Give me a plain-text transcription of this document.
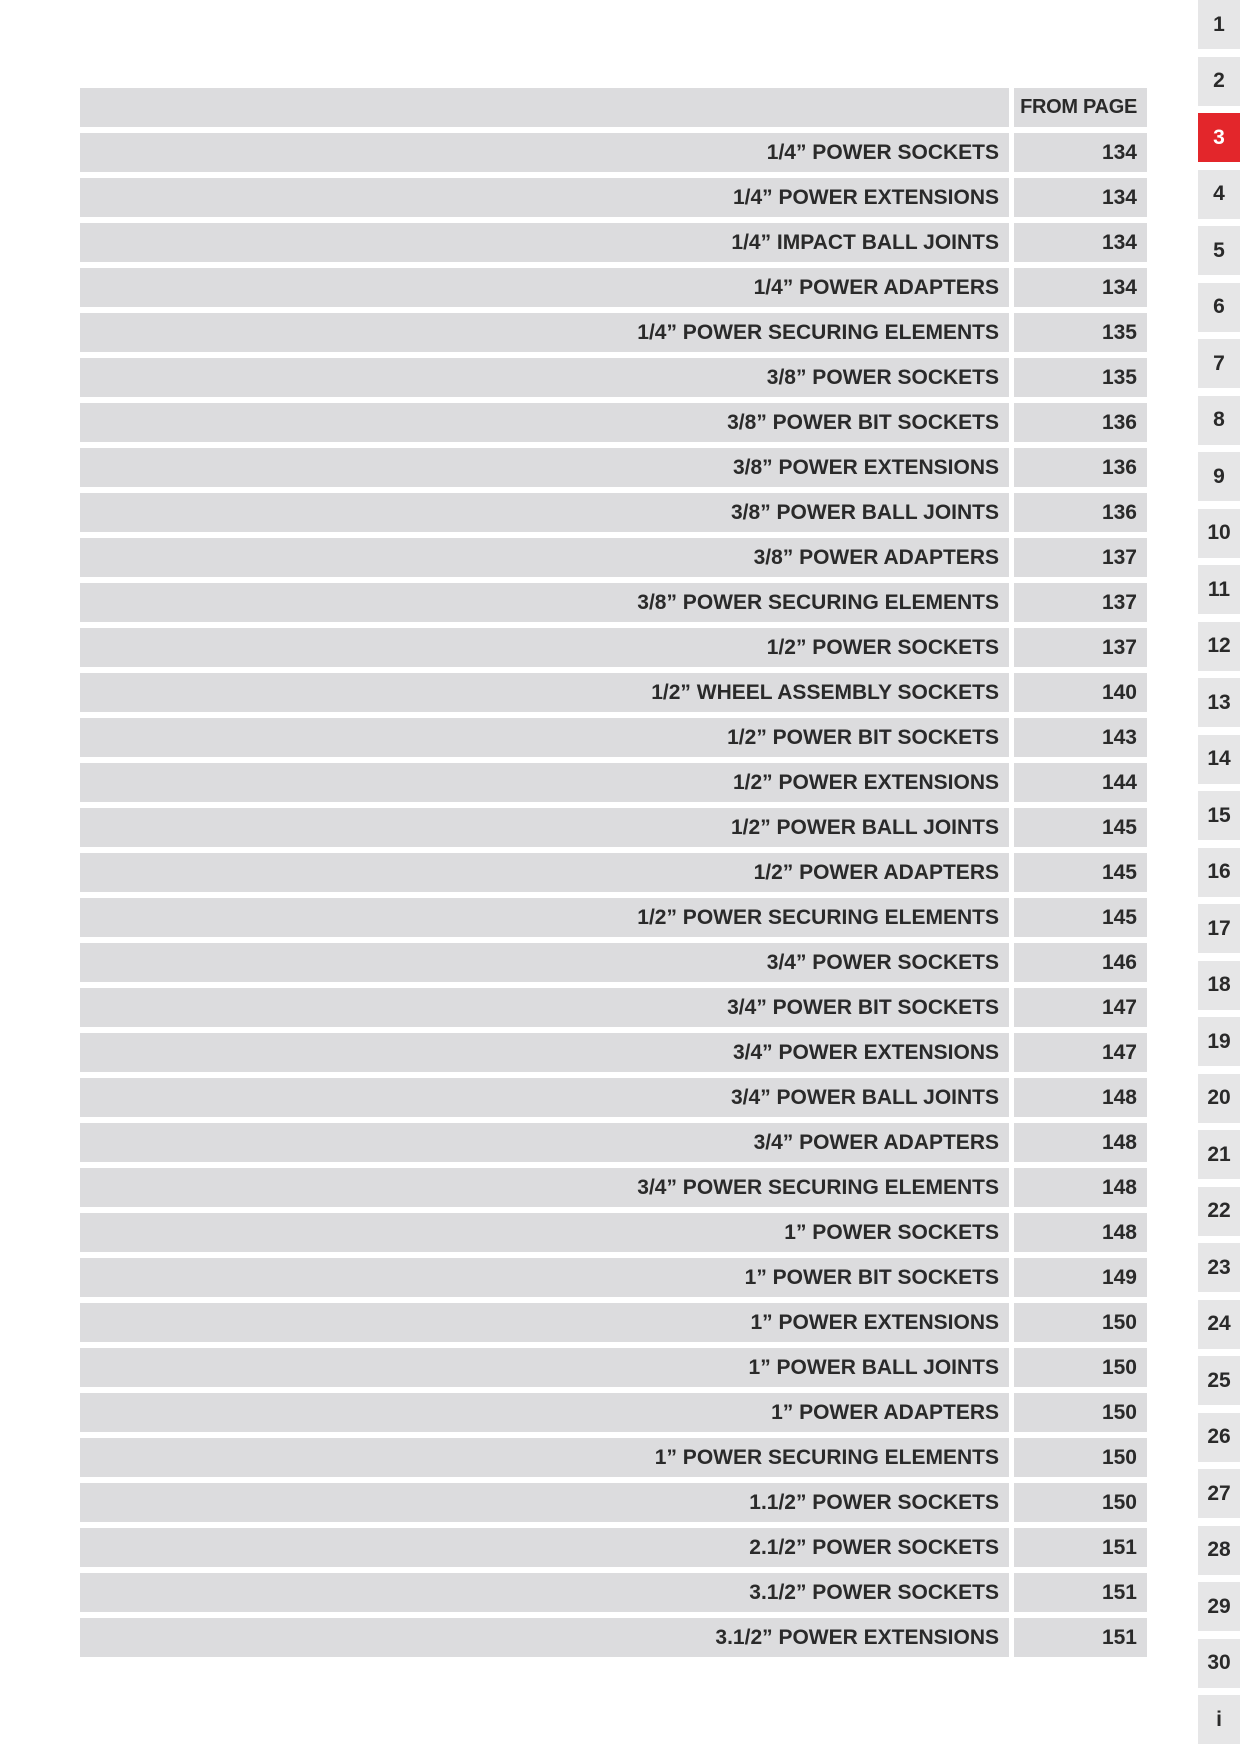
FROM PAGE
1/4” POWER SOCKETS	134
1/4” POWER EXTENSIONS	134
1/4” IMPACT BALL JOINTS	134
1/4” POWER ADAPTERS	134
1/4” POWER SECURING ELEMENTS	135
3/8” POWER SOCKETS	135
3/8” POWER BIT SOCKETS	136
3/8” POWER EXTENSIONS	136
3/8” POWER BALL JOINTS	136
3/8” POWER ADAPTERS	137
3/8” POWER SECURING ELEMENTS	137
1/2” POWER SOCKETS	137
1/2” WHEEL ASSEMBLY SOCKETS	140
1/2” POWER BIT SOCKETS	143
1/2” POWER EXTENSIONS	144
1/2” POWER BALL JOINTS	145
1/2” POWER ADAPTERS	145
1/2” POWER SECURING ELEMENTS	145
3/4” POWER SOCKETS	146
3/4” POWER BIT SOCKETS	147
3/4” POWER EXTENSIONS	147
3/4” POWER BALL JOINTS	148
3/4” POWER ADAPTERS	148
3/4” POWER SECURING ELEMENTS	148
1” POWER SOCKETS	148
1” POWER BIT SOCKETS	149
1” POWER EXTENSIONS	150
1” POWER BALL JOINTS	150
1” POWER ADAPTERS	150
1” POWER SECURING ELEMENTS	150
1.1/2” POWER SOCKETS	150
2.1/2” POWER SOCKETS	151
3.1/2” POWER SOCKETS	151
3.1/2” POWER EXTENSIONS	151
1
2
3
4
5
6
7
8
9
10
11
12
13
14
15
16
17
18
19
20
21
22
23
24
25
26
27
28
29
30
i
